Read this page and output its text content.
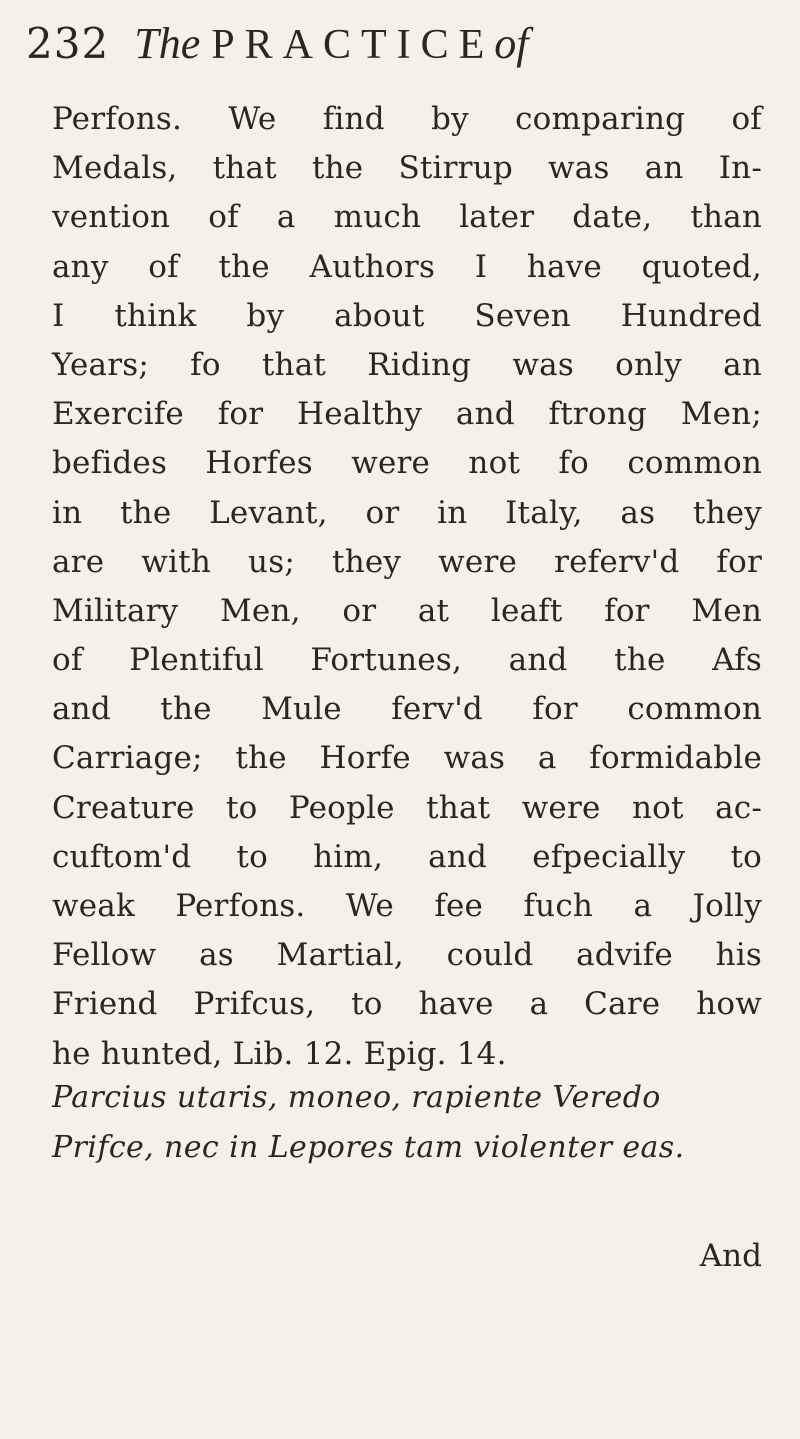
232 The PRACTICEof
Perfons. We find by comparing of
Medals, that the Stirrup was an In-
vention of a much later date, than
any of the Authors I have quoted,
I think by about Seven Hundred
Years; fo that Riding was only an
Exercife for Healthy and ftrong Men;
befides Horfes were not fo common
in the Levant, or in Italy, as they
are with us; they were referv'd for
Military Men, or at leaft for Men
of Plentiful Fortunes, and the Afs
and the Mule ferv'd for common
Carriage; the Horfe was a formidable
Creature to People that were not ac-
cuftom'd to him, and efpecially to
weak Perfons. We fee fuch a Jolly
Fellow as Martial, could advife his
Friend Prifcus, to have a Care how
he hunted, Lib. 12. Epig. 14.
Parcius utaris, moneo, rapiente Veredo
Prifce, nec in Lepores tam violenter eas.
And
